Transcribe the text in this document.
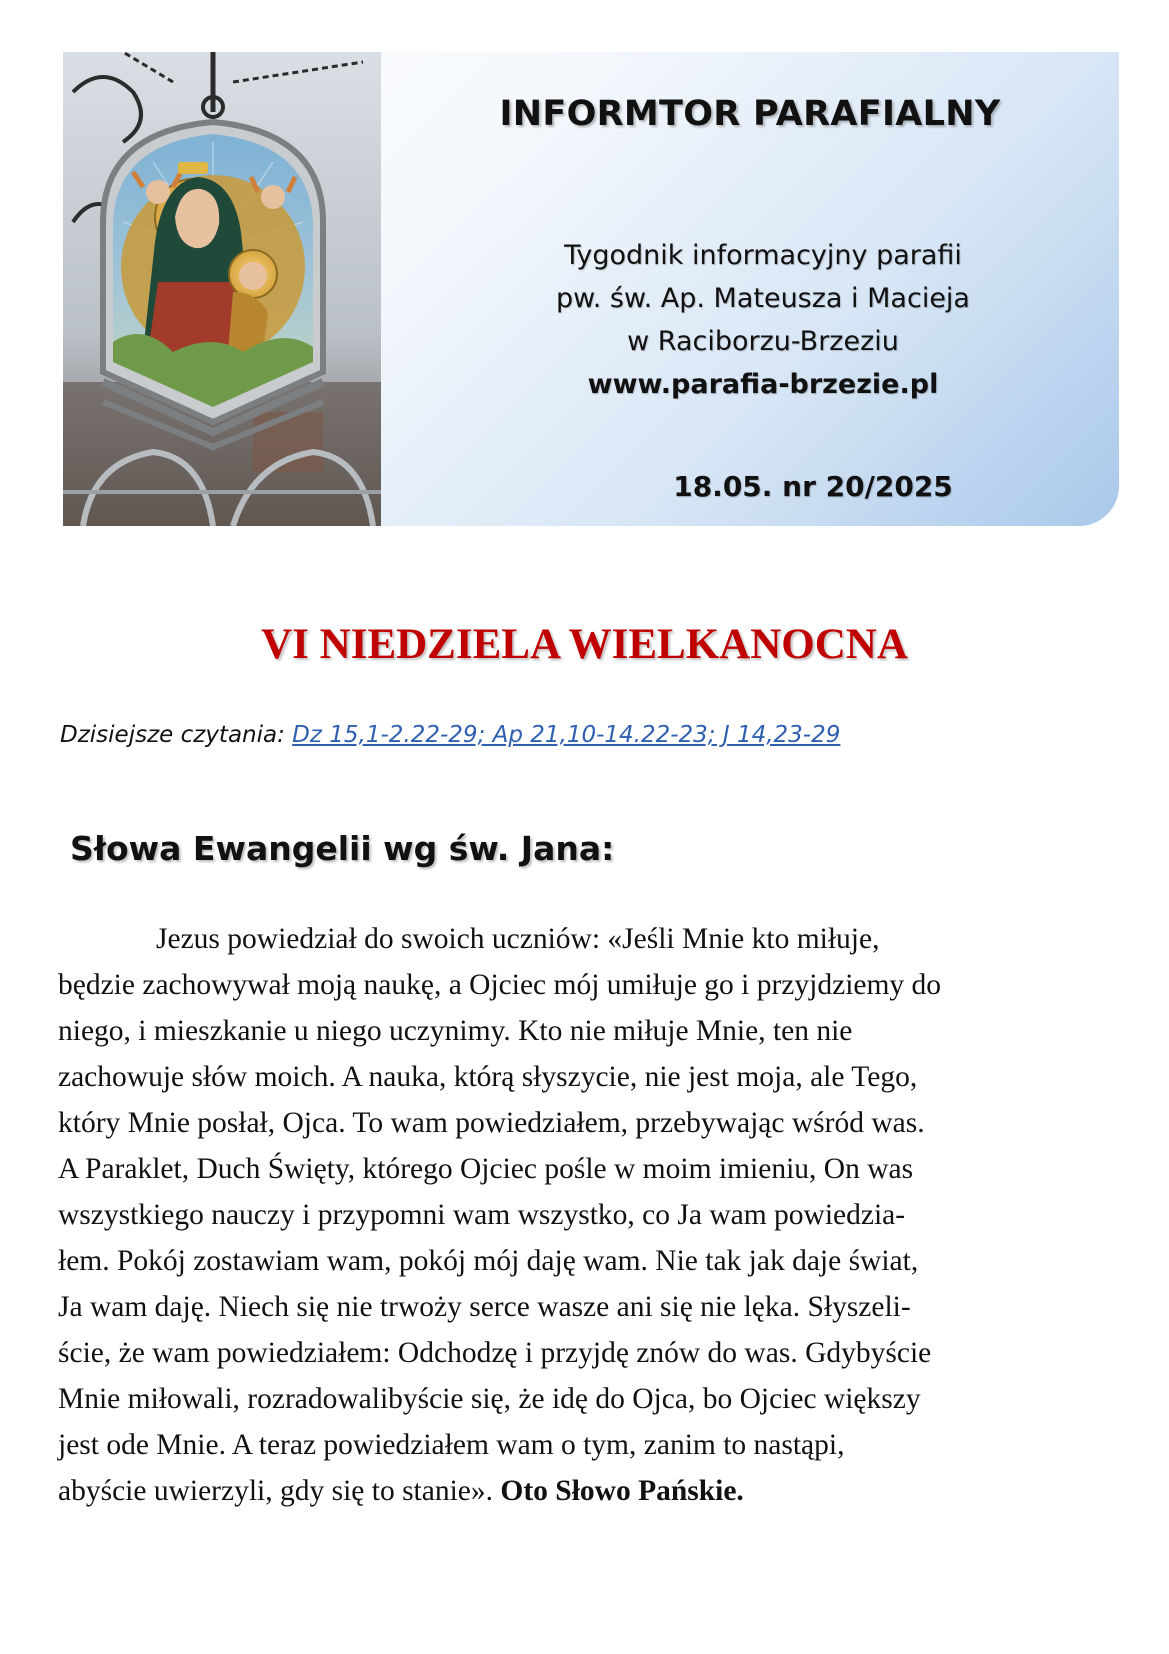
INFORMTOR PARAFIALNY
Tygodnik informacyjny parafii
pw. św. Ap. Mateusza i Macieja
w Raciborzu-Brzeziu
www.parafia-brzezie.pl
18.05. nr 20/2025
VI NIEDZIELA WIELKANOCNA
Dzisiejsze czytania: Dz 15,1-2.22-29; Ap 21,10-14.22-23; J 14,23-29
Słowa Ewangelii wg św. Jana:
Jezus powiedział do swoich uczniów: «Jeśli Mnie kto miłuje,
będzie zachowywał moją naukę, a Ojciec mój umiłuje go i przyjdziemy do
niego, i mieszkanie u niego uczynimy. Kto nie miłuje Mnie, ten nie
zachowuje słów moich. A nauka, którą słyszycie, nie jest moja, ale Tego,
który Mnie posłał, Ojca. To wam powiedziałem, przebywając wśród was.
A Paraklet, Duch Święty, którego Ojciec pośle w moim imieniu, On was
wszystkiego nauczy i przypomni wam wszystko, co Ja wam powiedzia-
łem. Pokój zostawiam wam, pokój mój daję wam. Nie tak jak daje świat,
Ja wam daję. Niech się nie trwoży serce wasze ani się nie lęka. Słyszeli-
ście, że wam powiedziałem: Odchodzę i przyjdę znów do was. Gdybyście
Mnie miłowali, rozradowalibyście się, że idę do Ojca, bo Ojciec większy
jest ode Mnie. A teraz powiedziałem wam o tym, zanim to nastąpi,
abyście uwierzyli, gdy się to stanie». Oto Słowo Pańskie.
